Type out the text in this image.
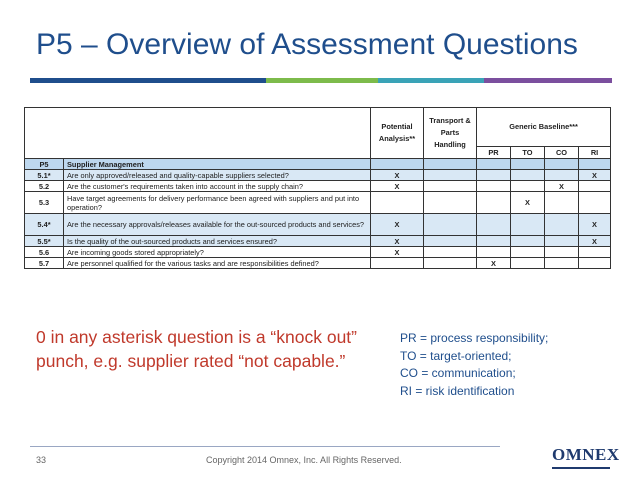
P5 – Overview of Assessment Questions
		Potential Analysis**	Transport & Parts Handling	Generic Baseline***			
				PR	TO	CO	RI
P5	Supplier Management						
5.1*	Are only approved/released and quality-capable suppliers selected?	X					X
5.2	Are the customer's requirements taken into account in the supply chain?	X				X	
5.3	Have target agreements for delivery performance been agreed with suppliers and put into operation?				X		
5.4*	Are the necessary approvals/releases available for the out-sourced products and services?	X					X
5.5*	Is the quality of the out-sourced products and services ensured?	X					X
5.6	Are incoming goods stored appropriately?	X					
5.7	Are personnel qualified for the various tasks and are responsibilities defined?			X			
0 in any asterisk question is a “knock out” punch, e.g. supplier rated “not capable.”
PR = process responsibility;
TO = target-oriented;
CO = communication;
RI = risk identification
33	Copyright 2014 Omnex, Inc. All Rights Reserved.	OMNEX
